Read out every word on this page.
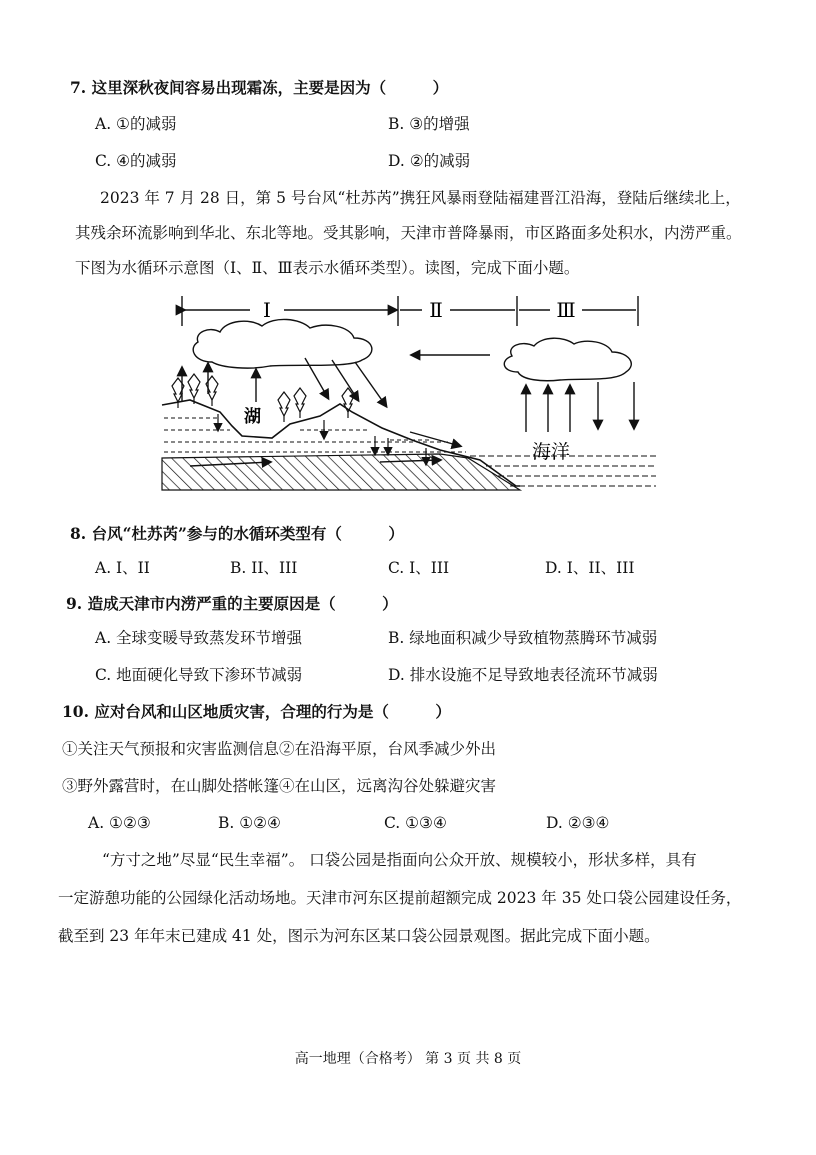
7. 这里深秋夜间容易出现霜冻，主要是因为（　　　）
A. ①的减弱	B. ③的增强
C. ④的减弱	D. ②的减弱
2023 年 7 月 28 日，第 5 号台风“杜苏芮”携狂风暴雨登陆福建晋江沿海，登陆后继续北上，
其残余环流影响到华北、东北等地。受其影响，天津市普降暴雨，市区路面多处积水，内涝严重。
下图为水循环示意图（Ⅰ、Ⅱ、Ⅲ表示水循环类型）。读图，完成下面小题。
Ⅰ	Ⅱ	Ⅲ
湖
海洋
8. 台风“杜苏芮”参与的水循环类型有（　　　）
A. I、II	B. II、III	C. I、III	D. I、II、III
9. 造成天津市内涝严重的主要原因是（　　　）
A. 全球变暖导致蒸发环节增强	B. 绿地面积减少导致植物蒸腾环节减弱
C. 地面硬化导致下渗环节减弱	D. 排水设施不足导致地表径流环节减弱
10. 应对台风和山区地质灾害，合理的行为是（　　　）
①关注天气预报和灾害监测信息②在沿海平原，台风季减少外出
③野外露营时，在山脚处搭帐篷④在山区，远离沟谷处躲避灾害
A. ①②③	B. ①②④	C. ①③④	D. ②③④
“方寸之地”尽显“民生幸福”。 口袋公园是指面向公众开放、规模较小，形状多样，具有
一定游憩功能的公园绿化活动场地。天津市河东区提前超额完成 2023 年 35 处口袋公园建设任务，
截至到 23 年年末已建成 41 处，图示为河东区某口袋公园景观图。据此完成下面小题。
高一地理（合格考） 第 3 页 共 8 页
